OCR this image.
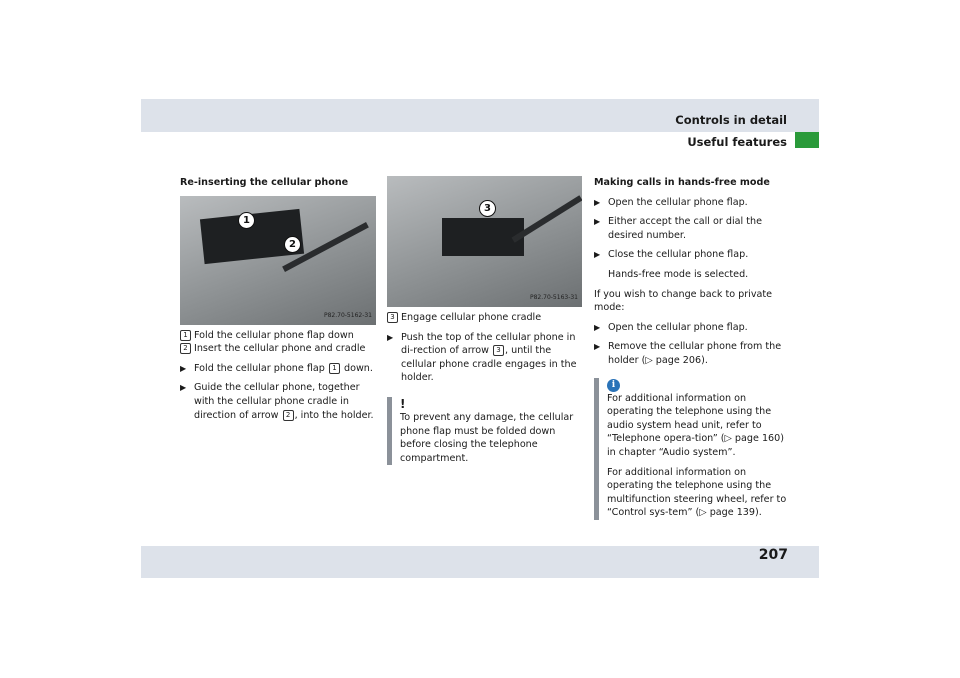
Controls in detail
Useful features

Re-inserting the cellular phone

1
2
P82.70-5162-31

1 Fold the cellular phone flap down

2 Insert the cellular phone and cradle

▶ Fold the cellular phone flap 1 down.

▶ Guide the cellular phone, together with the cellular phone cradle in direction of arrow 2 , into the holder.

3
P82.70-5163-31

3 Engage cellular phone cradle

▶ Push the top of the cellular phone in di-rection of arrow 3 , until the cellular phone cradle engages in the holder.

!

To prevent any damage, the cellular phone flap must be folded down before closing the telephone compartment.

Making calls in hands-free mode

▶ Open the cellular phone flap.

▶ Either accept the call or dial the desired number.

▶ Close the cellular phone flap.

Hands-free mode is selected.

If you wish to change back to private mode:

▶ Open the cellular phone flap.

▶ Remove the cellular phone from the holder (▷ page 206).

i

For additional information on operating the telephone using the audio system head unit, refer to “Telephone opera-tion” (▷ page 160) in chapter “Audio system”.

For additional information on operating the telephone using the multifunction steering wheel, refer to “Control sys-tem” (▷ page 139).

207
